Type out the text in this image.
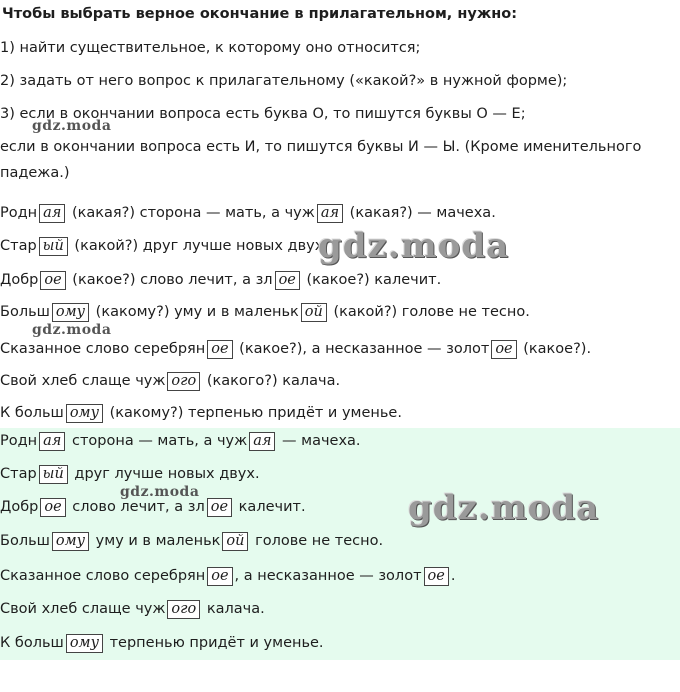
Чтобы выбрать верное окончание в прилагательном, нужно:
1) найти существительное, к которому оно относится;
2) задать от него вопрос к прилагательному («какой?» в нужной форме);
3) если в окончании вопроса есть буква О, то пишутся буквы О — Е;
если в окончании вопроса есть И, то пишутся буквы И — Ы. (Кроме именительного
падежа.)
Родн ая (какая?) сторона — мать, а чуж ая (какая?) — мачеха.
Стар ый (какой?) друг лучше новых двух.
Добр ое (какое?) слово лечит, а зл ое (какое?) калечит.
Больш ому (какому?) уму и в маленьк ой (какой?) голове не тесно.
Сказанное слово серебрян ое (какое?), а несказанное — золот ое (какое?).
Свой хлеб слаще чуж ого (какого?) калача.
К больш ому (какому?) терпенью придёт и уменье.
Родн ая сторона — мать, а чуж ая — мачеха.
Стар ый друг лучше новых двух.
Добр ое слово лечит, а зл ое калечит.
Больш ому уму и в маленьк ой голове не тесно.
Сказанное слово серебрян ое , а несказанное — золот ое .
Свой хлеб слаще чуж ого калача.
К больш ому терпенью придёт и уменье.
gdz.moda
gdz.moda
gdz.moda
gdz.moda	gdz.moda
